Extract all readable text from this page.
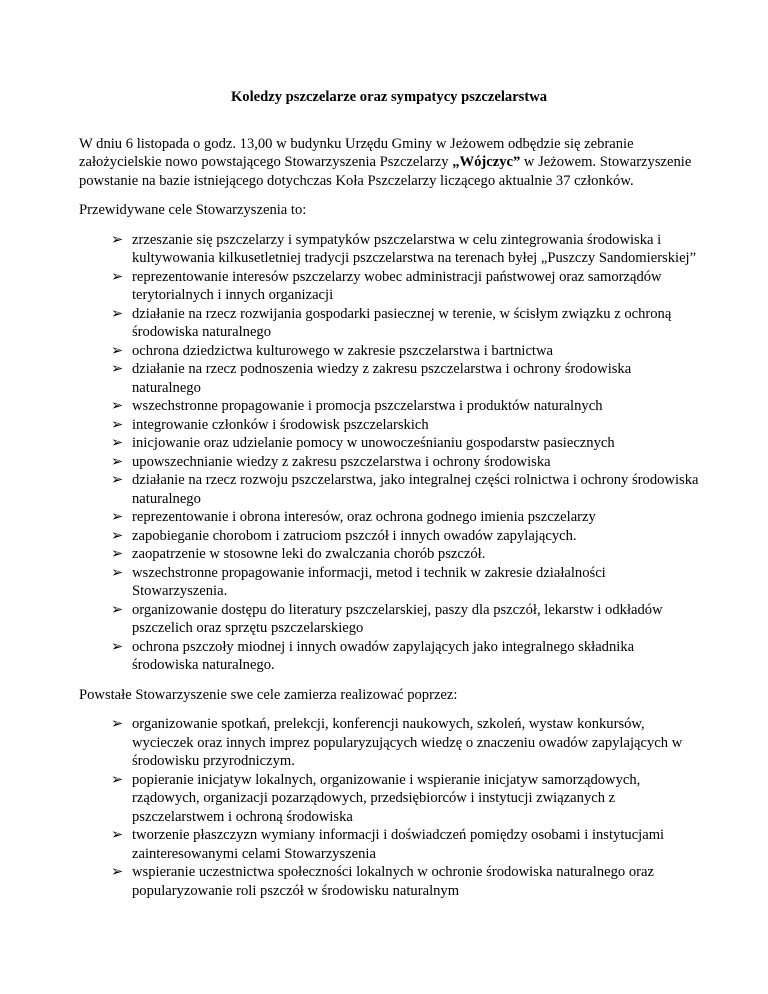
Koledzy pszczelarze oraz sympatycy pszczelarstwa

W dniu 6 listopada o godz. 13,00 w budynku Urzędu Gminy w Jeżowem odbędzie się zebranie założycielskie nowo powstającego Stowarzyszenia Pszczelarzy „Wójczyc” w Jeżowem. Stowarzyszenie powstanie na bazie istniejącego dotychczas Koła Pszczelarzy liczącego aktualnie 37 członków.

Przewidywane cele Stowarzyszenia to:

➢ zrzeszanie się pszczelarzy i sympatyków pszczelarstwa w celu zintegrowania środowiska i kultywowania kilkusetletniej tradycji pszczelarstwa na terenach byłej „Puszczy Sandomierskiej”
➢ reprezentowanie interesów pszczelarzy wobec administracji państwowej oraz samorządów terytorialnych i innych organizacji
➢ działanie na rzecz rozwijania gospodarki pasiecznej w terenie, w ścisłym związku z ochroną środowiska naturalnego
➢ ochrona dziedzictwa kulturowego w zakresie pszczelarstwa i bartnictwa
➢ działanie na rzecz podnoszenia wiedzy z zakresu pszczelarstwa i ochrony środowiska naturalnego
➢ wszechstronne propagowanie i promocja pszczelarstwa i produktów naturalnych
➢ integrowanie członków i środowisk pszczelarskich
➢ inicjowanie oraz udzielanie pomocy w unowocześnianiu gospodarstw pasiecznych
➢ upowszechnianie wiedzy z zakresu pszczelarstwa i ochrony środowiska
➢ działanie na rzecz rozwoju pszczelarstwa, jako integralnej części rolnictwa i ochrony środowiska naturalnego
➢ reprezentowanie i obrona interesów, oraz ochrona godnego imienia pszczelarzy
➢ zapobieganie chorobom i zatruciom pszczół i innych owadów zapylających.
➢ zaopatrzenie w stosowne leki do zwalczania chorób pszczół.
➢ wszechstronne propagowanie informacji, metod i technik w zakresie działalności Stowarzyszenia.
➢ organizowanie dostępu do literatury pszczelarskiej, paszy dla pszczół, lekarstw i odkładów pszczelich oraz sprzętu pszczelarskiego
➢ ochrona pszczoły miodnej i innych owadów zapylających jako integralnego składnika środowiska naturalnego.

Powstałe Stowarzyszenie swe cele zamierza realizować poprzez:

➢ organizowanie spotkań, prelekcji, konferencji naukowych, szkoleń, wystaw konkursów, wycieczek oraz innych imprez popularyzujących wiedzę o znaczeniu owadów zapylających w środowisku przyrodniczym.
➢ popieranie inicjatyw lokalnych, organizowanie i wspieranie inicjatyw samorządowych, rządowych, organizacji pozarządowych, przedsiębiorców i instytucji związanych z pszczelarstwem i ochroną środowiska
➢ tworzenie płaszczyzn wymiany informacji i doświadczeń pomiędzy osobami i instytucjami zainteresowanymi celami Stowarzyszenia
➢ wspieranie uczestnictwa społeczności lokalnych w ochronie środowiska naturalnego oraz popularyzowanie roli pszczół w środowisku naturalnym
